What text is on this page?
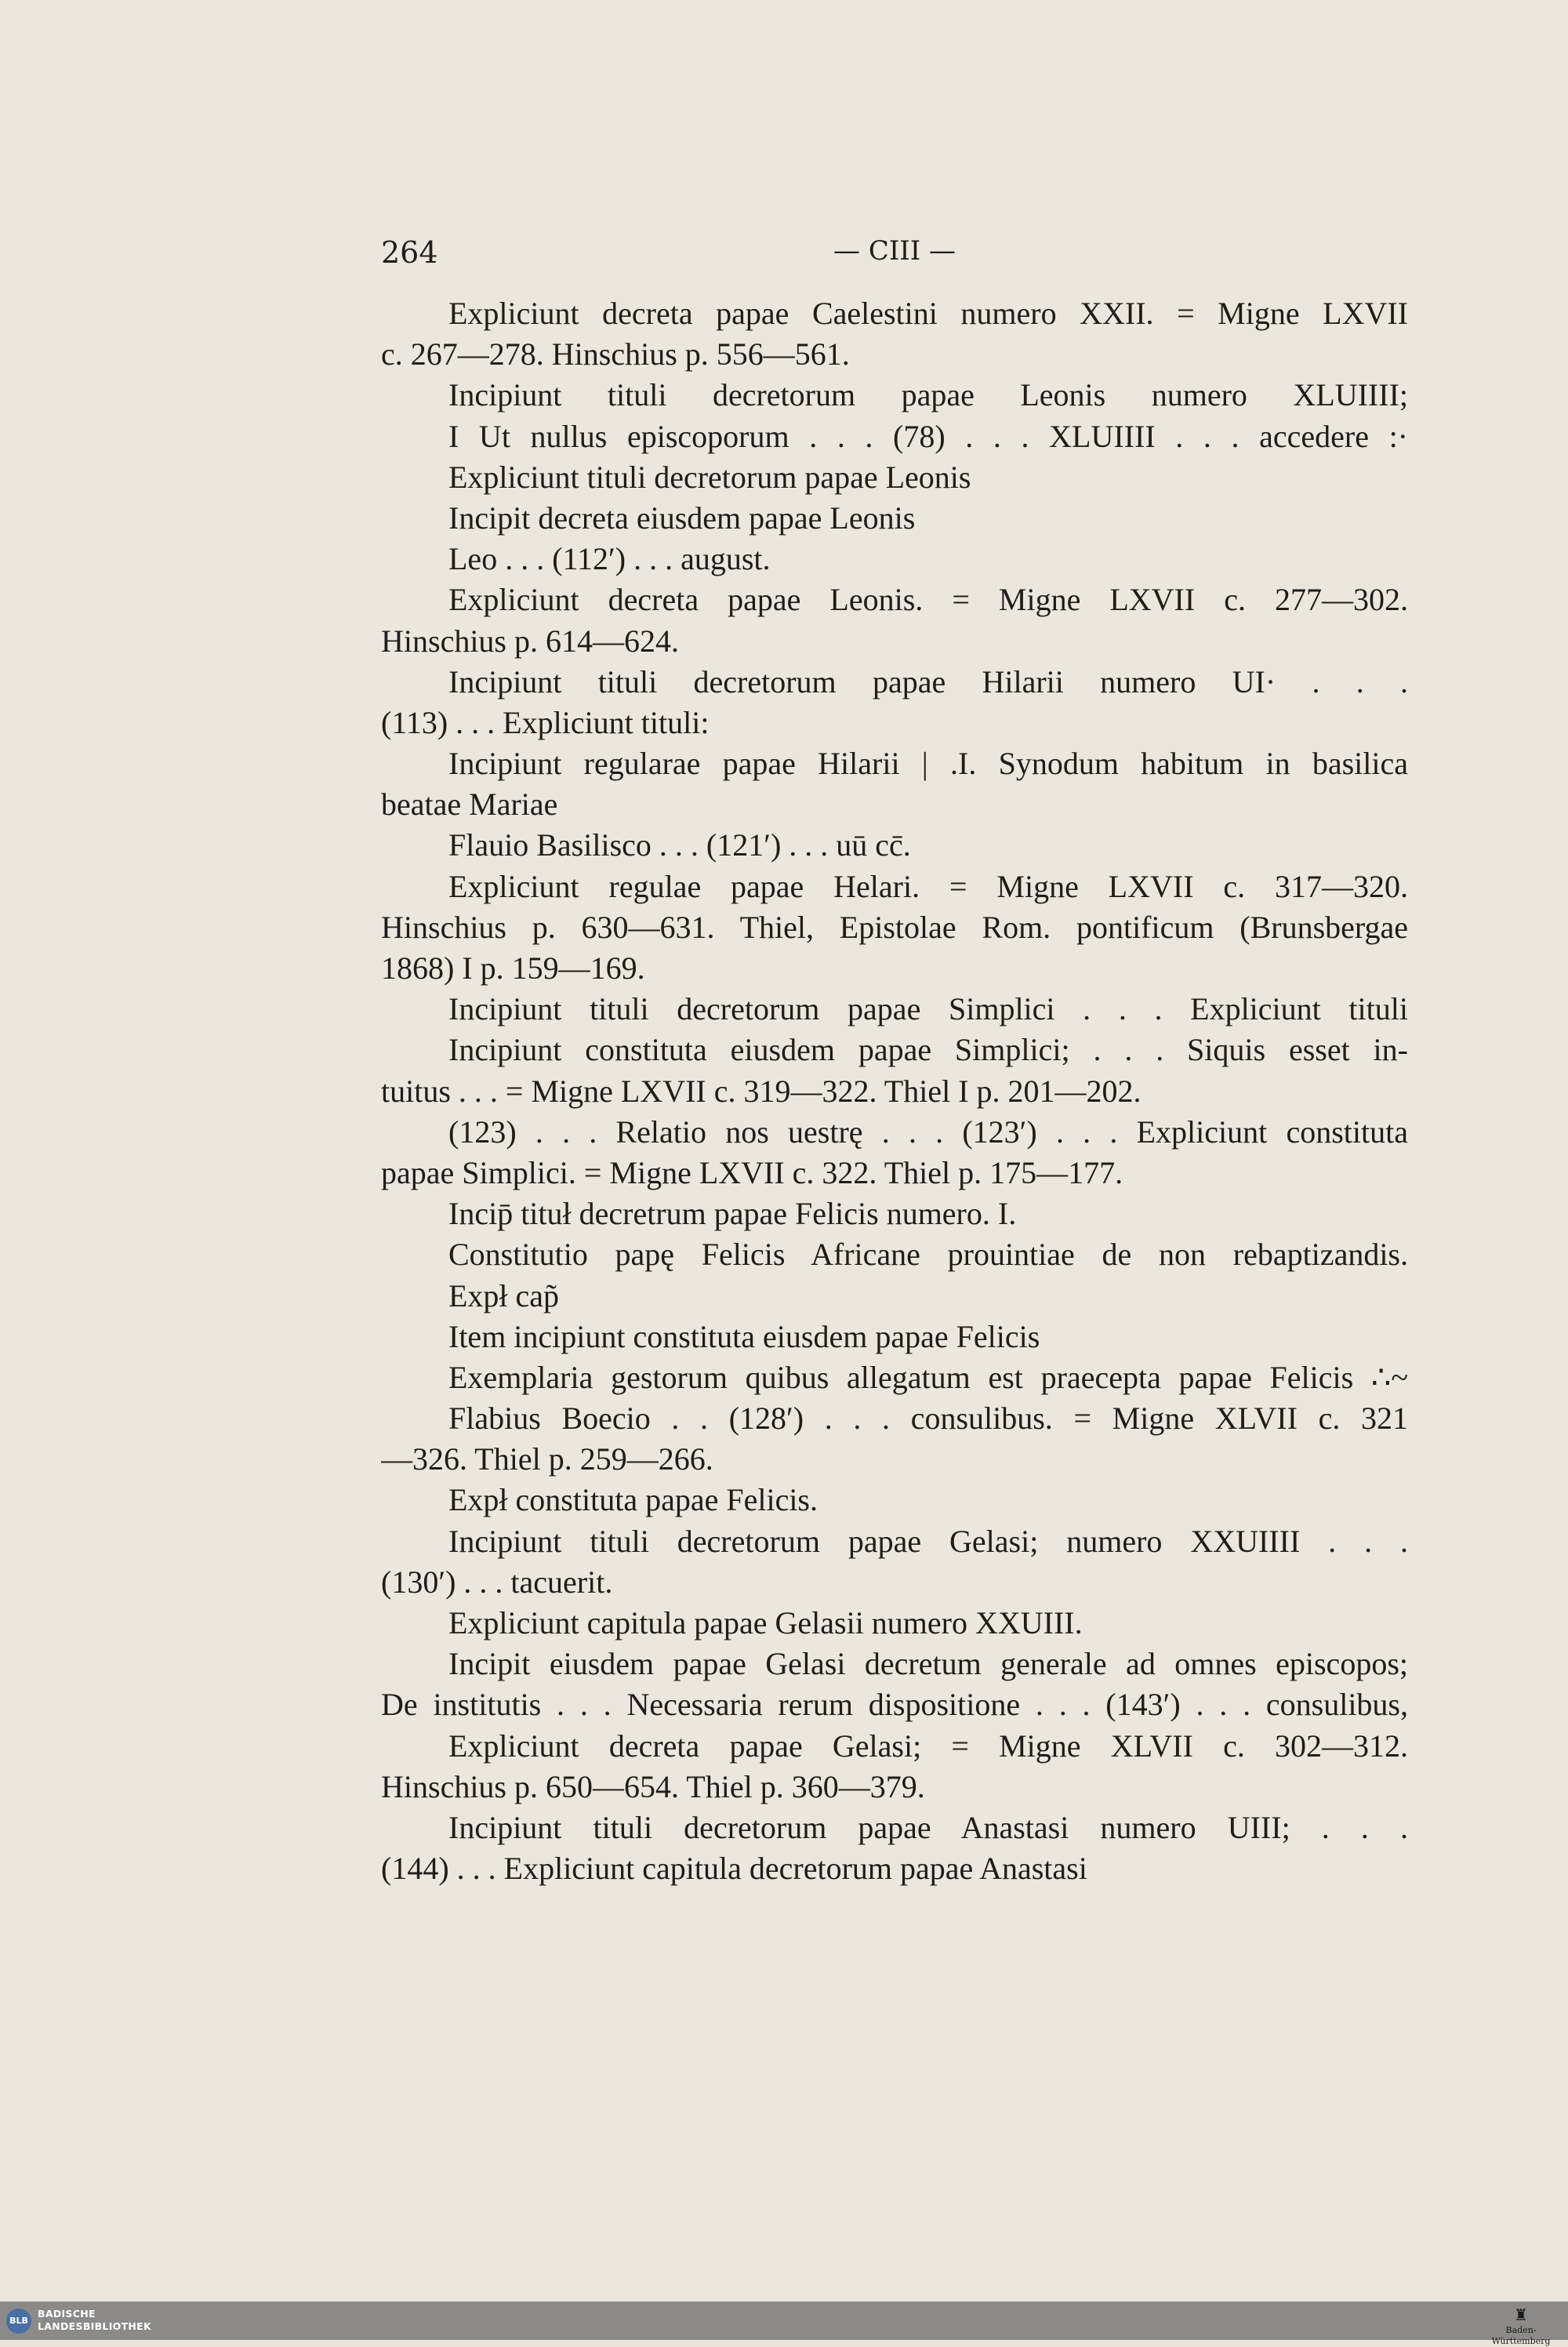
264	— CIII —
Expliciunt decreta papae Caelestini numero XXII. = Migne LXVII
c. 267—278. Hinschius p. 556—561.
Incipiunt tituli decretorum papae Leonis numero XLUIIII;
I Ut nullus episcoporum . . . (78) . . . XLUIIII . . . accedere :·
Expliciunt tituli decretorum papae Leonis
Incipit decreta eiusdem papae Leonis
Leo . . . (112′) . . . august.
Expliciunt decreta papae Leonis. = Migne LXVII c. 277—302.
Hinschius p. 614—624.
Incipiunt tituli decretorum papae Hilarii numero UI· . . .
(113) . . . Expliciunt tituli:
Incipiunt regularae papae Hilarii | .I. Synodum habitum in basilica
beatae Mariae
Flauio Basilisco . . . (121′) . . . uū cc̄.
Expliciunt regulae papae Helari. = Migne LXVII c. 317—320.
Hinschius p. 630—631. Thiel, Epistolae Rom. pontificum (Brunsbergae
1868) I p. 159—169.
Incipiunt tituli decretorum papae Simplici . . . Expliciunt tituli
Incipiunt constituta eiusdem papae Simplici; . . . Siquis esset in-
tuitus . . . = Migne LXVII c. 319—322. Thiel I p. 201—202.
(123) . . . Relatio nos uestrę . . . (123′) . . . Expliciunt constituta
papae Simplici. = Migne LXVII c. 322. Thiel p. 175—177.
Incip̄ tituł decretrum papae Felicis numero. I.
Constitutio papę Felicis Africane prouintiae de non rebaptizandis.
Expł cap̃
Item incipiunt constituta eiusdem papae Felicis
Exemplaria gestorum quibus allegatum est praecepta papae Felicis ∴~
Flabius Boecio . . (128′) . . . consulibus. = Migne XLVII c. 321
—326. Thiel p. 259—266.
Expł constituta papae Felicis.
Incipiunt tituli decretorum papae Gelasi; numero XXUIIII . . .
(130′) . . . tacuerit.
Expliciunt capitula papae Gelasii numero XXUIII.
Incipit eiusdem papae Gelasi decretum generale ad omnes episcopos;
De institutis . . . Necessaria rerum dispositione . . . (143′) . . . consulibus,
Expliciunt decreta papae Gelasi; = Migne XLVII c. 302—312.
Hinschius p. 650—654. Thiel p. 360—379.
Incipiunt tituli decretorum papae Anastasi numero UIII; . . .
(144) . . . Expliciunt capitula decretorum papae Anastasi
BLB
BADISCHE
LANDESBIBLIOTHEK
♜
Baden-Württemberg
